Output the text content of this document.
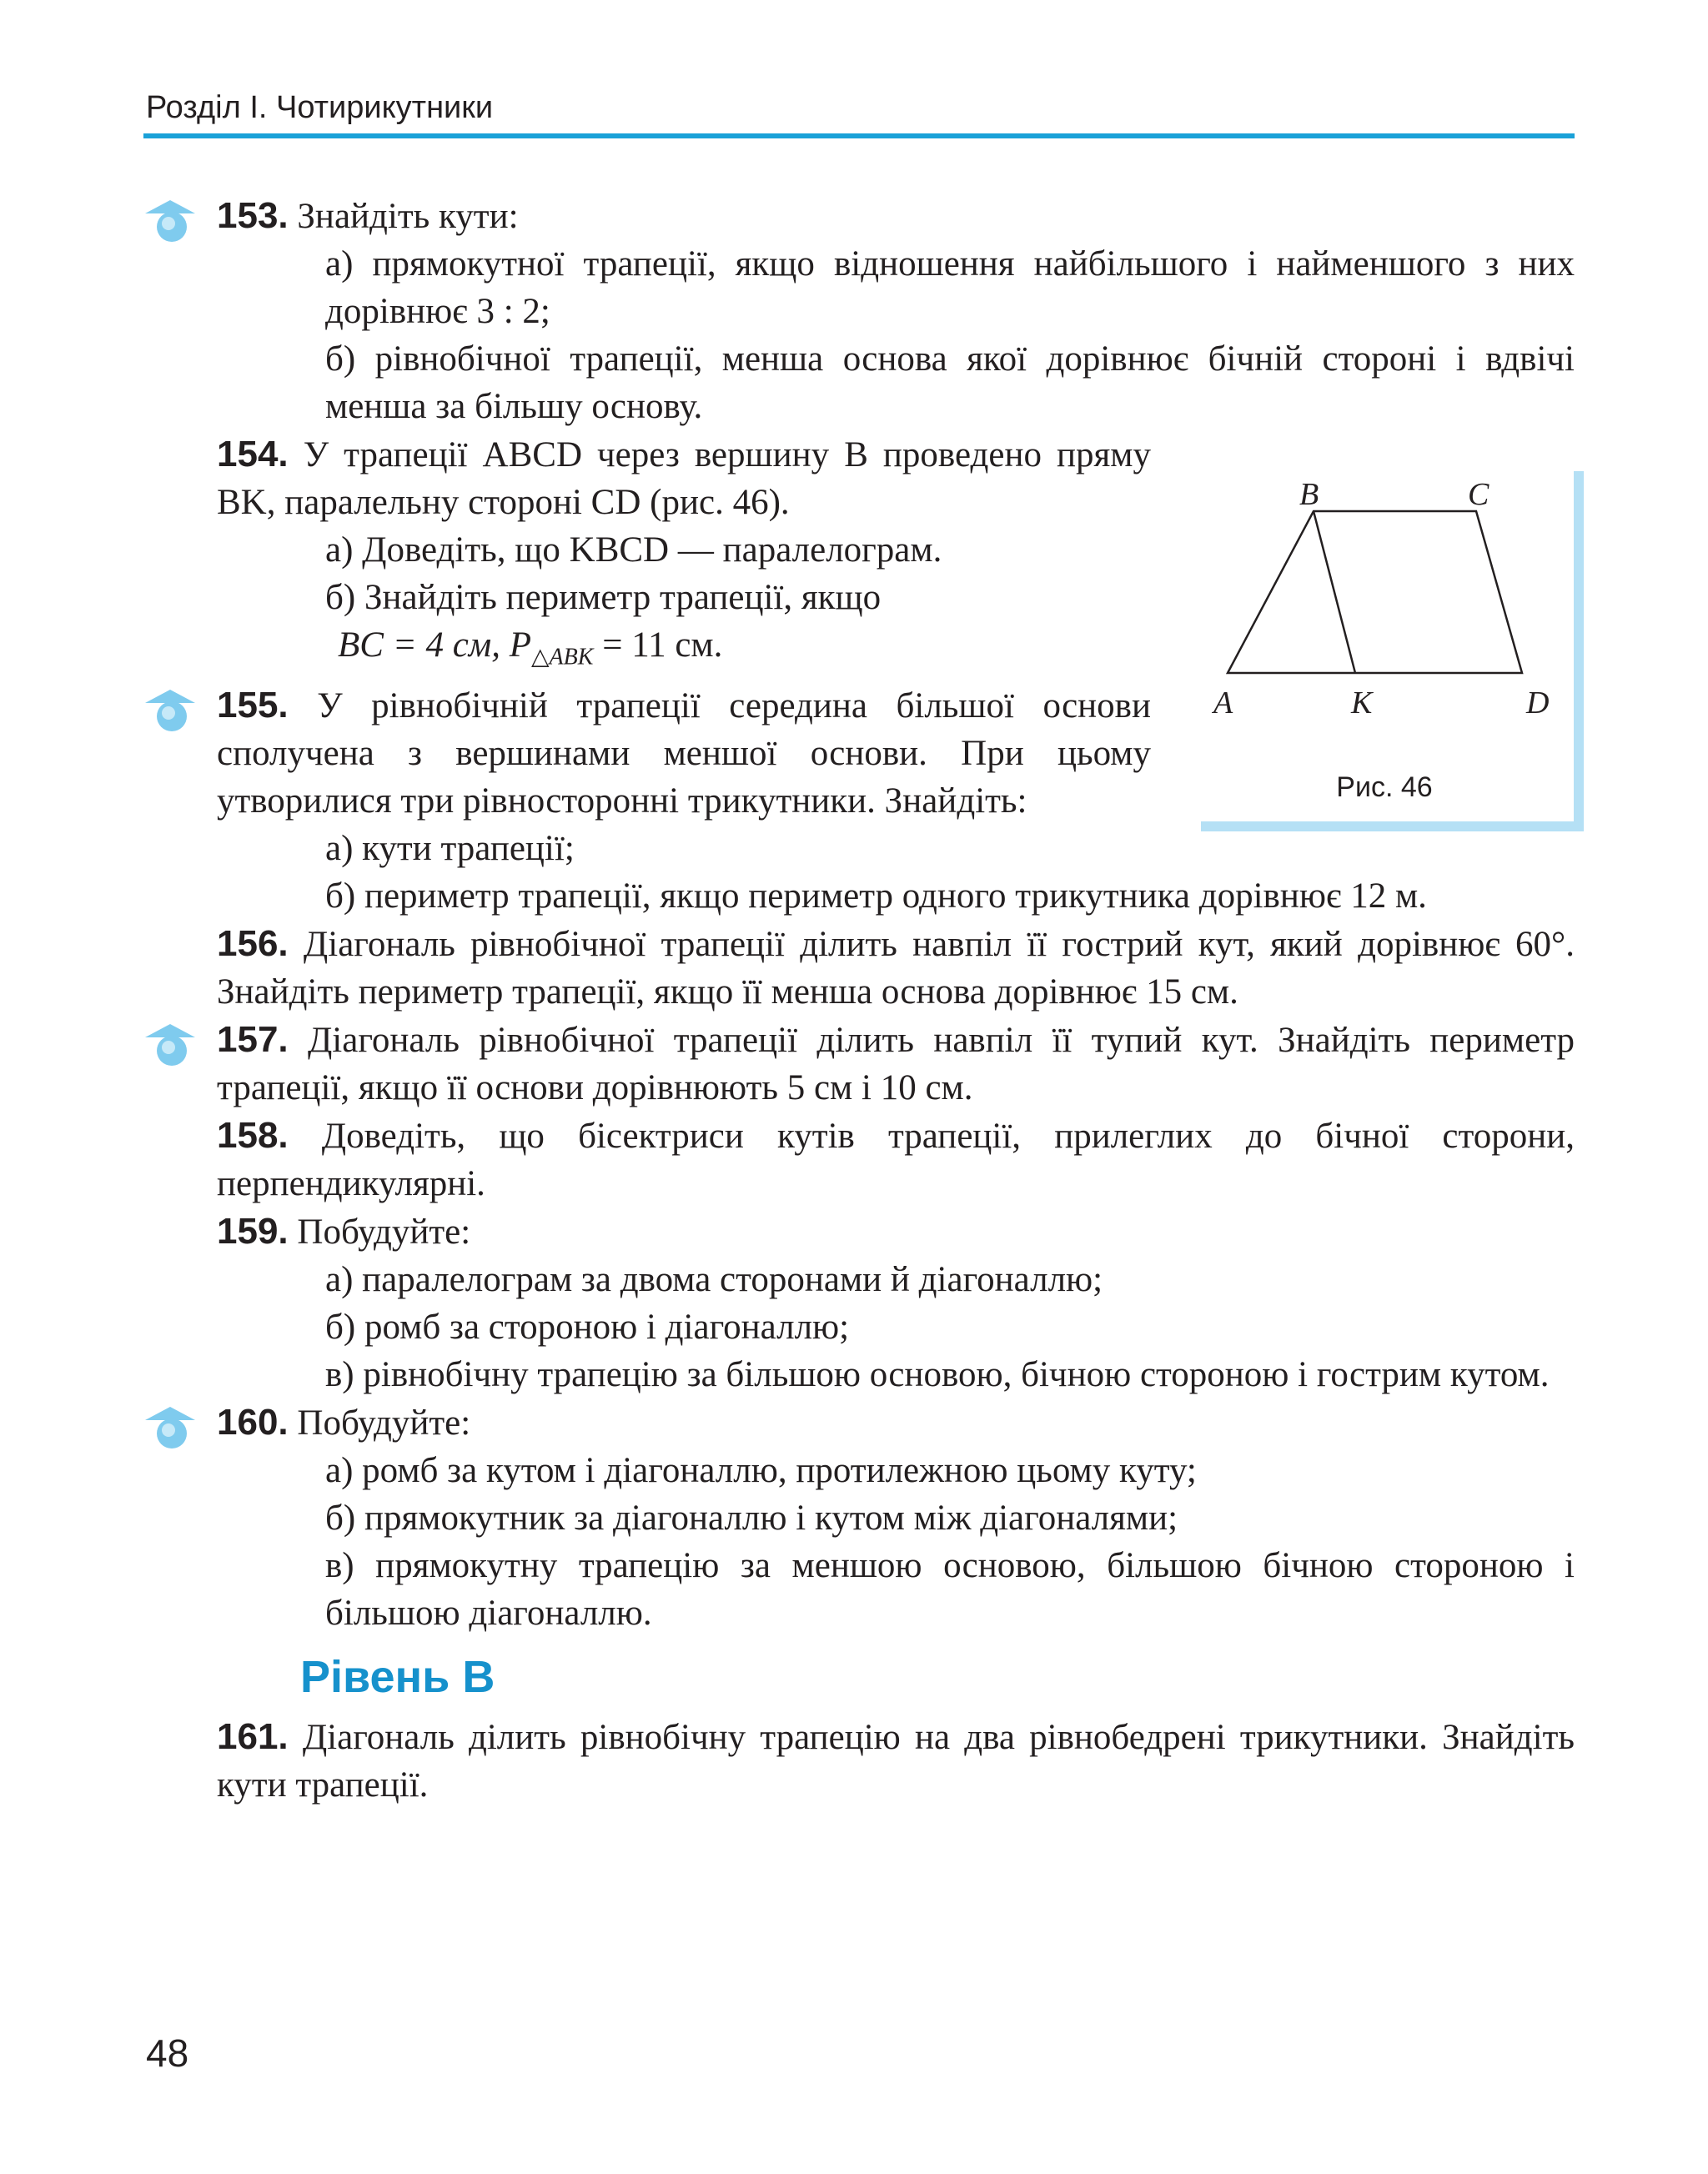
Розділ І. Чотирикутники
B	C
A	K	D
Рис. 46
153. Знайдіть кути:
а) прямокутної трапеції, якщо відношення найбільшого і найменшого з них дорівнює 3 : 2;
б) рівнобічної трапеції, менша основа якої дорівнює бічній стороні і вдвічі менша за більшу основу.
154. У трапеції ABCD через вершину B проведено пряму BK, паралельну стороні CD (рис. 46).
а) Доведіть, що KBCD — паралелограм.
б) Знайдіть периметр трапеції, якщо
BC = 4 см, $P_{\triangle ABK} = 11$ см.
155. У рівнобічній трапеції середина більшої основи сполучена з вершинами меншої основи. При цьому утворилися три рівносторонні трикутники. Знайдіть:
а) кути трапеції;
б) периметр трапеції, якщо периметр одного трикутника дорівнює 12 м.
156. Діагональ рівнобічної трапеції ділить навпіл її гострий кут, який дорівнює 60°. Знайдіть периметр трапеції, якщо її менша основа дорівнює 15 см.
157. Діагональ рівнобічної трапеції ділить навпіл її тупий кут. Знайдіть периметр трапеції, якщо її основи дорівнюють 5 см і 10 см.
158. Доведіть, що бісектриси кутів трапеції, прилеглих до бічної сторони, перпендикулярні.
159. Побудуйте:
а) паралелограм за двома сторонами й діагоналлю;
б) ромб за стороною і діагоналлю;
в) рівнобічну трапецію за більшою основою, бічною стороною і гострим кутом.
160. Побудуйте:
а) ромб за кутом і діагоналлю, протилежною цьому куту;
б) прямокутник за діагоналлю і кутом між діагоналями;
в) прямокутну трапецію за меншою основою, більшою бічною стороною і більшою діагоналлю.
Рівень В
161. Діагональ ділить рівнобічну трапецію на два рівнобедрені трикутники. Знайдіть кути трапеції.
48
